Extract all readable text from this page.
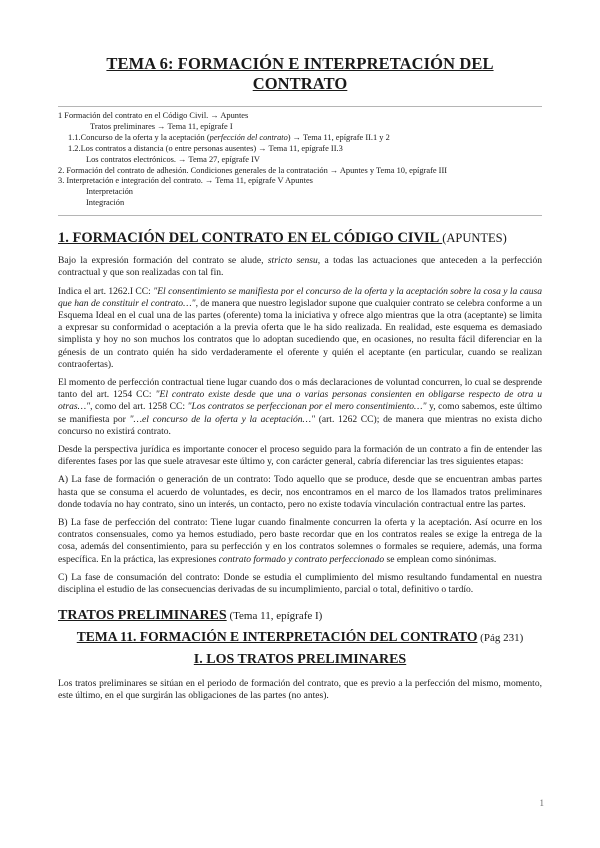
TEMA 6: FORMACIÓN E INTERPRETACIÓN DEL CONTRATO
1 Formación del contrato en el Código Civil. → Apuntes
Tratos preliminares → Tema 11, epígrafe I
1.1.Concurso de la oferta y la aceptación (perfección del contrato) → Tema 11, epígrafe II.1 y 2
1.2.Los contratos a distancia (o entre personas ausentes) → Tema 11, epígrafe II.3
Los contratos electrónicos. → Tema 27, epígrafe IV
2. Formación del contrato de adhesión. Condiciones generales de la contratación → Apuntes y Tema 10, epígrafe III
3. Interpretación e integración del contrato. → Tema 11, epígrafe V Apuntes
Interpretación
Integración
1. FORMACIÓN DEL CONTRATO EN EL CÓDIGO CIVIL (APUNTES)

Bajo la expresión formación del contrato se alude, stricto sensu, a todas las actuaciones que anteceden a la perfección contractual y que son realizadas con tal fin.

Indica el art. 1262.I CC: "El consentimiento se manifiesta por el concurso de la oferta y la aceptación sobre la cosa y la causa que han de constituir el contrato…", de manera que nuestro legislador supone que cualquier contrato se celebra conforme a un Esquema Ideal en el cual una de las partes (oferente) toma la iniciativa y ofrece algo mientras que la otra (aceptante) se limita a expresar su conformidad o aceptación a la previa oferta que le ha sido realizada. En realidad, este esquema es demasiado simplista y hoy no son muchos los contratos que lo adoptan sucediendo que, en ocasiones, no resulta fácil diferenciar en la génesis de un contrato quién ha sido verdaderamente el oferente y quién el aceptante (en particular, cuando se realizan contraofertas).

El momento de perfección contractual tiene lugar cuando dos o más declaraciones de voluntad concurren, lo cual se desprende tanto del art. 1254 CC: "El contrato existe desde que una o varias personas consienten en obligarse respecto de otra u otras…", como del art. 1258 CC: "Los contratos se perfeccionan por el mero consentimiento…" y, como sabemos, este último se manifiesta por "…el concurso de la oferta y la aceptación…" (art. 1262 CC); de manera que mientras no exista dicho concurso no existirá contrato.

Desde la perspectiva jurídica es importante conocer el proceso seguido para la formación de un contrato a fin de entender las diferentes fases por las que suele atravesar este último y, con carácter general, cabría diferenciar las tres siguientes etapas:

A) La fase de formación o generación de un contrato: Todo aquello que se produce, desde que se encuentran ambas partes hasta que se consuma el acuerdo de voluntades, es decir, nos encontramos en el marco de los llamados tratos preliminares donde todavía no hay contrato, sino un interés, un contacto, pero no existe todavía vinculación contractual entre las partes.

B) La fase de perfección del contrato: Tiene lugar cuando finalmente concurren la oferta y la aceptación. Así ocurre en los contratos consensuales, como ya hemos estudiado, pero baste recordar que en los contratos reales se exige la entrega de la cosa, además del consentimiento, para su perfección y en los contratos solemnes o formales se requiere, además, una forma específica. En la práctica, las expresiones contrato formado y contrato perfeccionado se emplean como sinónimas.

C) La fase de consumación del contrato: Donde se estudia el cumplimiento del mismo resultando fundamental en nuestra disciplina el estudio de las consecuencias derivadas de su incumplimiento, parcial o total, definitivo o tardío.

TRATOS PRELIMINARES (Tema 11, epígrafe I)
TEMA 11. FORMACIÓN E INTERPRETACIÓN DEL CONTRATO (Pág 231)
I. LOS TRATOS PRELIMINARES

Los tratos preliminares se sitúan en el periodo de formación del contrato, que es previo a la perfección del mismo, momento, este último, en el que surgirán las obligaciones de las partes (no antes).

1
